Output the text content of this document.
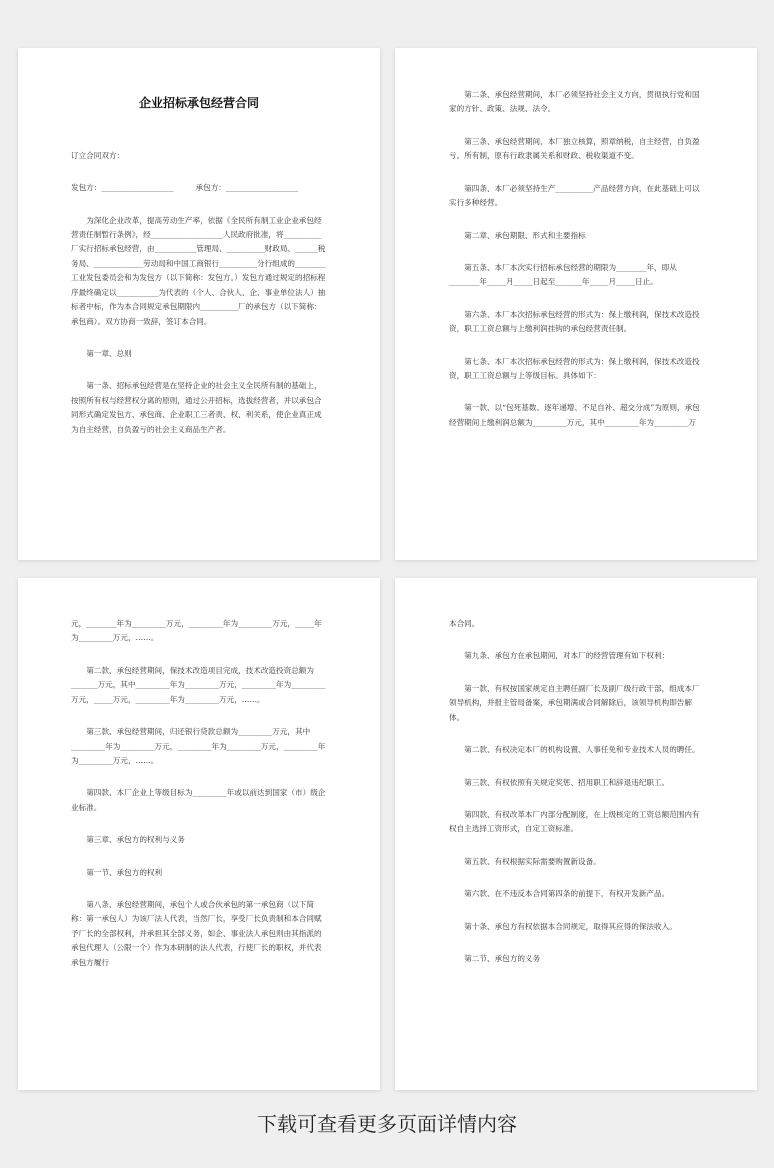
企业招标承包经营合同

订立合同双方：

发包方：___________________	承包方：___________________

为深化企业改革，提高劳动生产率，依据《全民所有制工业企业承包经营责任制暂行条例》，经___________________人民政府批准，将__________厂实行招标承包经营，由___________管理局、__________财政局、______税务局、_____________劳动局和中国工商银行__________分行组成的________工业发包委员会和为发包方（以下简称：发包方。）发包方通过规定的招标程序最终确定以___________为代表的（个人、合伙人、企、事业单位法人）抽标者中标，作为本合同规定承包期限内__________厂的承包方（以下简称：承包商）。双方协商一致辞，签订本合同。

第一章、总则

第一条、招标承包经营是在坚持企业的社会主义全民所有制的基础上，按照所有权与经营权分离的原则，通过公开招标，选拔经营者，并以承包合同形式确定发包方、承包商、企业职工三者责、权、利关系，使企业真正成为自主经营，自负盈亏的社会主义商品生产者。

第二条、承包经营期间，本厂必须坚持社会主义方向，贯彻执行党和国家的方针、政策、法规、法令。

第三条、承包经营期间，本厂独立核算，照章纳税，自主经营，自负盈亏。所有制，原有行政隶属关系和财政、税收渠道不变。

第四条、本厂必须坚持生产__________产品经营方向，在此基础上可以实行多种经营。

第二章、承包期限、形式和主要指标

第五条、本厂本次实行招标承包经营的期限为________年，即从________年_____月_____日起至_______年_____月_____日止。

第六条、本厂本次招标承包经营的形式为：保上缴利润，保技术改造投资，职工工资总额与上缴利润挂钩的承包经营责任制。

第七条、本厂本次招标承包经营的形式为：保上缴利润，保技术改造投资，职工工资总额与上等级目标。具体如下：

第一款、以“包死基数、逐年递增、不足自补、超交分成”为原则，承包经营期间上缴利润总额为_________万元，其中_________年为_________万

元，________年为_________万元，_________年为_________万元，_____年为_________万元，……。

第二款、承包经营期间，保技术改造项目完成，技术改造投资总额为_______万元，其中_________年为_________万元，_________年为_________万元，_____万元，_________年为_________万元，……。

第三款、承包经营期间，归还银行贷款总额为_________万元，其中_________年为_________万元，_________年为_________万元，_________年为_________万元，……。

第四款、本厂企业上等级目标为_________年或以前达到国家（市）级企业标准。

第三章、承包方的权利与义务

第一节、承包方的权利

第八条、承包经营期间，承包个人或合伙承包的第一承包商（以下简称：第一承包人）为该厂法人代表，当然厂长，享受厂长负责制和本合同赋予厂长的全部权利，并承担其全部义务，如企、事业法人承包则由其指派的承包代理人（公限一个）作为本研制的法人代表，行使厂长的职权，并代表承包方履行

本合同。

第九条、承包方在承包期间，对本厂的经营管理有如下权利：

第一款、有权按国家规定自主聘任副厂长及副厂级行政干部，组成本厂领导机构，并报主管局备案，承包期满或合同解除后，该领导机构即告解体。

第二款、有权决定本厂的机构设置、人事任免和专业技术人员的聘任。

第三款、有权依照有关规定奖惩、招用职工和辞退违纪职工。

第四款、有权改革本厂内部分配制度，在上级核定的工资总额范围内有权自主选择工资形式，自定工资标准。

第五款、有权根据实际需要购置新设备。

第六款、在不违反本合同第四条的前提下，有权开发新产品。

第十条、承包方有权依据本合同规定，取得其应得的保法收入。

第二节、承包方的义务

下载可查看更多页面详情内容
